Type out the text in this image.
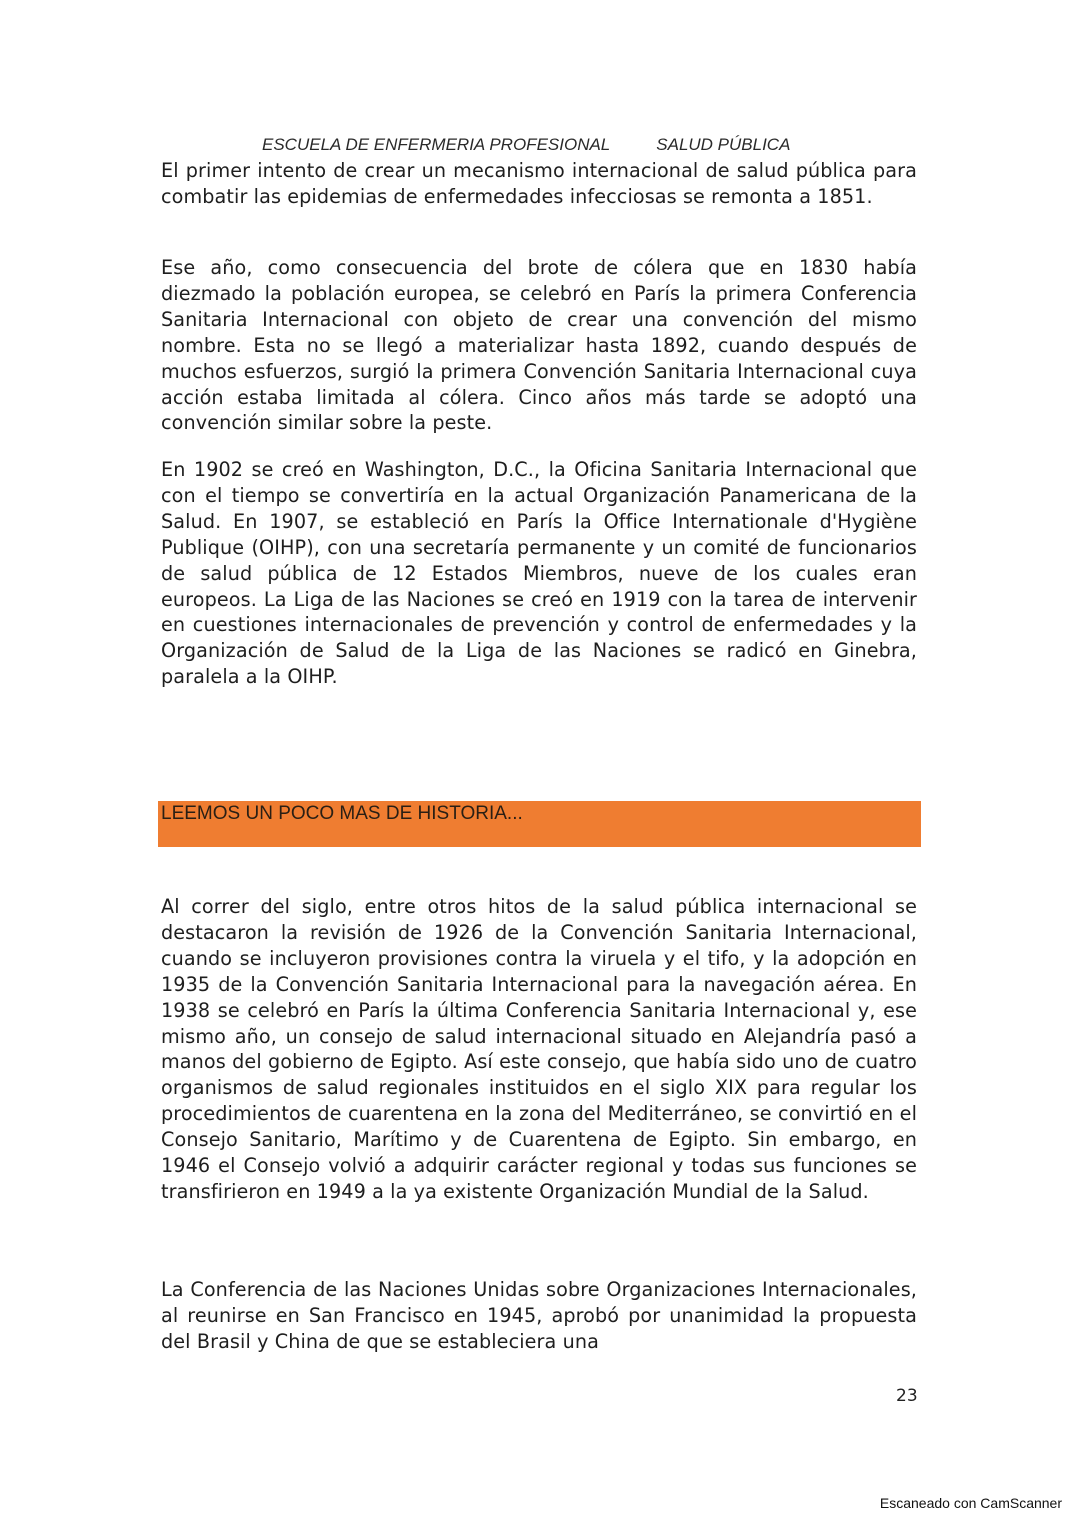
ESCUELA DE ENFERMERIA PROFESIONAL	SALUD PÚBLICA

El primer intento de crear un mecanismo internacional de salud pública para combatir las epidemias de enfermedades infecciosas se remonta a 1851.

Ese año, como consecuencia del brote de cólera que en 1830 había diezmado la población europea, se celebró en París la primera Conferencia Sanitaria Internacional con objeto de crear una convención del mismo nombre. Esta no se llegó a materializar hasta 1892, cuando después de muchos esfuerzos, surgió la primera Convención Sanitaria Internacional cuya acción estaba limitada al cólera. Cinco años más tarde se adoptó una convención similar sobre la peste.

En 1902 se creó en Washington, D.C., la Oficina Sanitaria Internacional que con el tiempo se convertiría en la actual Organización Panamericana de la Salud. En 1907, se estableció en París la Office Internationale d'Hygiène Publique (OIHP), con una secretaría permanente y un comité de funcionarios de salud pública de 12 Estados Miembros, nueve de los cuales eran europeos. La Liga de las Naciones se creó en 1919 con la tarea de intervenir en cuestiones internacionales de prevención y control de enfermedades y la Organización de Salud de la Liga de las Naciones se radicó en Ginebra, paralela a la OIHP.

LEEMOS UN POCO MAS DE HISTORIA...

Al correr del siglo, entre otros hitos de la salud pública internacional se destacaron la revisión de 1926 de la Convención Sanitaria Internacional, cuando se incluyeron provisiones contra la viruela y el tifo, y la adopción en 1935 de la Convención Sanitaria Internacional para la navegación aérea. En 1938 se celebró en París la última Conferencia Sanitaria Internacional y, ese mismo año, un consejo de salud internacional situado en Alejandría pasó a manos del gobierno de Egipto. Así este consejo, que había sido uno de cuatro organismos de salud regionales instituidos en el siglo XIX para regular los procedimientos de cuarentena en la zona del Mediterráneo, se convirtió en el Consejo Sanitario, Marítimo y de Cuarentena de Egipto. Sin embargo, en 1946 el Consejo volvió a adquirir carácter regional y todas sus funciones se transfirieron en 1949 a la ya existente Organización Mundial de la Salud.

La Conferencia de las Naciones Unidas sobre Organizaciones Internacionales, al reunirse en San Francisco en 1945, aprobó por unanimidad la propuesta del Brasil y China de que se estableciera una

23
Escaneado con CamScanner
